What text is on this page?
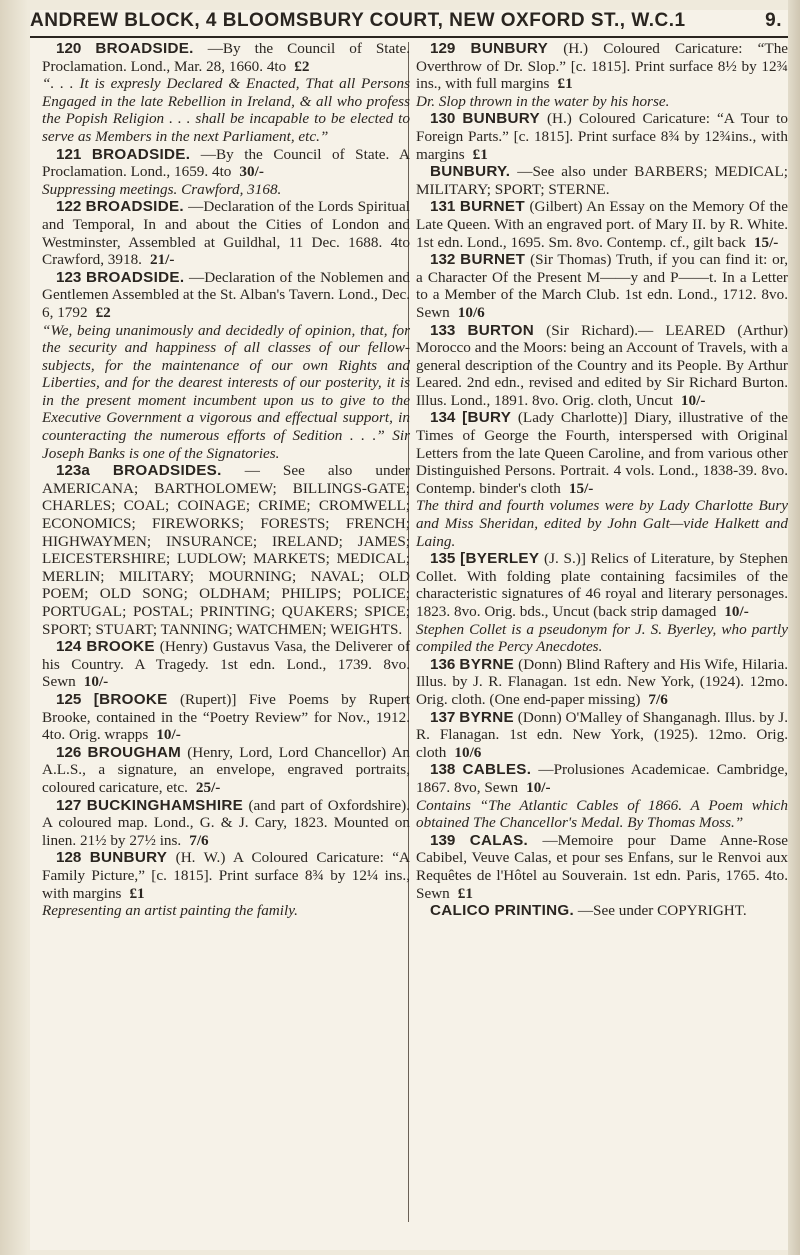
ANDREW BLOCK, 4 BLOOMSBURY COURT, NEW OXFORD ST., W.C.1	9.

120 BROADSIDE. —By the Council of State. Proclamation. Lond., Mar. 28, 1660. 4to £2
“. . . It is expresly Declared & Enacted, That all Persons Engaged in the late Rebellion in Ireland, & all who profess the Popish Religion . . . shall be incapable to be elected to serve as Members in the next Parliament, etc.”

121 BROADSIDE. —By the Council of State. A Proclamation. Lond., 1659. 4to 30/-
Suppressing meetings. Crawford, 3168.

122 BROADSIDE. —Declaration of the Lords Spiritual and Temporal, In and about the Cities of London and Westminster, Assembled at Guildhal, 11 Dec. 1688. 4to Crawford, 3918. 21/-

123 BROADSIDE. —Declaration of the Noblemen and Gentlemen Assembled at the St. Alban's Tavern. Lond., Dec. 6, 1792 £2
“We, being unanimously and decidedly of opinion, that, for the security and happiness of all classes of our fellow-subjects, for the maintenance of our own Rights and Liberties, and for the dearest interests of our posterity, it is in the present moment incumbent upon us to give to the Executive Government a vigorous and effectual support, in counteracting the numerous efforts of Sedition . . .” Sir Joseph Banks is one of the Signatories.

123a BROADSIDES. — See also under AMERICANA; BARTHOLOMEW; BILLINGS-GATE; CHARLES; COAL; COINAGE; CRIME; CROMWELL; ECONOMICS; FIREWORKS; FORESTS; FRENCH; HIGHWAYMEN; INSURANCE; IRELAND; JAMES; LEICESTERSHIRE; LUDLOW; MARKETS; MEDICAL; MERLIN; MILITARY; MOURNING; NAVAL; OLD POEM; OLD SONG; OLDHAM; PHILIPS; POLICE; PORTUGAL; POSTAL; PRINTING; QUAKERS; SPICE; SPORT; STUART; TANNING; WATCHMEN; WEIGHTS.

124 BROOKE (Henry) Gustavus Vasa, the Deliverer of his Country. A Tragedy. 1st edn. Lond., 1739. 8vo. Sewn 10/-

125 [BROOKE (Rupert)] Five Poems by Rupert Brooke, contained in the “Poetry Review” for Nov., 1912. 4to. Orig. wrapps 10/-

126 BROUGHAM (Henry, Lord, Lord Chancellor) An A.L.S., a signature, an envelope, engraved portraits, coloured caricature, etc. 25/-

127 BUCKINGHAMSHIRE (and part of Oxfordshire). A coloured map. Lond., G. & J. Cary, 1823. Mounted on linen. 21½ by 27½ ins. 7/6

128 BUNBURY (H. W.) A Coloured Caricature: “A Family Picture,” [c. 1815]. Print surface 8¾ by 12¼ ins., with margins £1
Representing an artist painting the family.

129 BUNBURY (H.) Coloured Caricature: “The Overthrow of Dr. Slop.” [c. 1815]. Print surface 8½ by 12¾ ins., with full margins £1
Dr. Slop thrown in the water by his horse.

130 BUNBURY (H.) Coloured Caricature: “A Tour to Foreign Parts.” [c. 1815]. Print surface 8¾ by 12¾ins., with margins £1

BUNBURY. —See also under BARBERS; MEDICAL; MILITARY; SPORT; STERNE.

131 BURNET (Gilbert) An Essay on the Memory Of the Late Queen. With an engraved port. of Mary II. by R. White. 1st edn. Lond., 1695. Sm. 8vo. Contemp. cf., gilt back 15/-

132 BURNET (Sir Thomas) Truth, if you can find it: or, a Character Of the Present M——y and P——t. In a Letter to a Member of the March Club. 1st edn. Lond., 1712. 8vo. Sewn 10/6

133 BURTON (Sir Richard).— LEARED (Arthur) Morocco and the Moors: being an Account of Travels, with a general description of the Country and its People. By Arthur Leared. 2nd edn., revised and edited by Sir Richard Burton. Illus. Lond., 1891. 8vo. Orig. cloth, Uncut 10/-

134 [BURY (Lady Charlotte)] Diary, illustrative of the Times of George the Fourth, interspersed with Original Letters from the late Queen Caroline, and from various other Distinguished Persons. Portrait. 4 vols. Lond., 1838-39. 8vo. Contemp. binder's cloth 15/-
The third and fourth volumes were by Lady Charlotte Bury and Miss Sheridan, edited by John Galt—vide Halkett and Laing.

135 [BYERLEY (J. S.)] Relics of Literature, by Stephen Collet. With folding plate containing facsimiles of the characteristic signatures of 46 royal and literary personages. 1823. 8vo. Orig. bds., Uncut (back strip damaged 10/-
Stephen Collet is a pseudonym for J. S. Byerley, who partly compiled the Percy Anecdotes.

136 BYRNE (Donn) Blind Raftery and His Wife, Hilaria. Illus. by J. R. Flanagan. 1st edn. New York, (1924). 12mo. Orig. cloth. (One end-paper missing) 7/6

137 BYRNE (Donn) O'Malley of Shanganagh. Illus. by J. R. Flanagan. 1st edn. New York, (1925). 12mo. Orig. cloth 10/6

138 CABLES. —Prolusiones Academicae. Cambridge, 1867. 8vo, Sewn 10/-
Contains “The Atlantic Cables of 1866. A Poem which obtained The Chancellor's Medal. By Thomas Moss.”

139 CALAS. —Memoire pour Dame Anne-Rose Cabibel, Veuve Calas, et pour ses Enfans, sur le Renvoi aux Requêtes de l'Hôtel au Souverain. 1st edn. Paris, 1765. 4to. Sewn £1

CALICO PRINTING. —See under COPYRIGHT.
